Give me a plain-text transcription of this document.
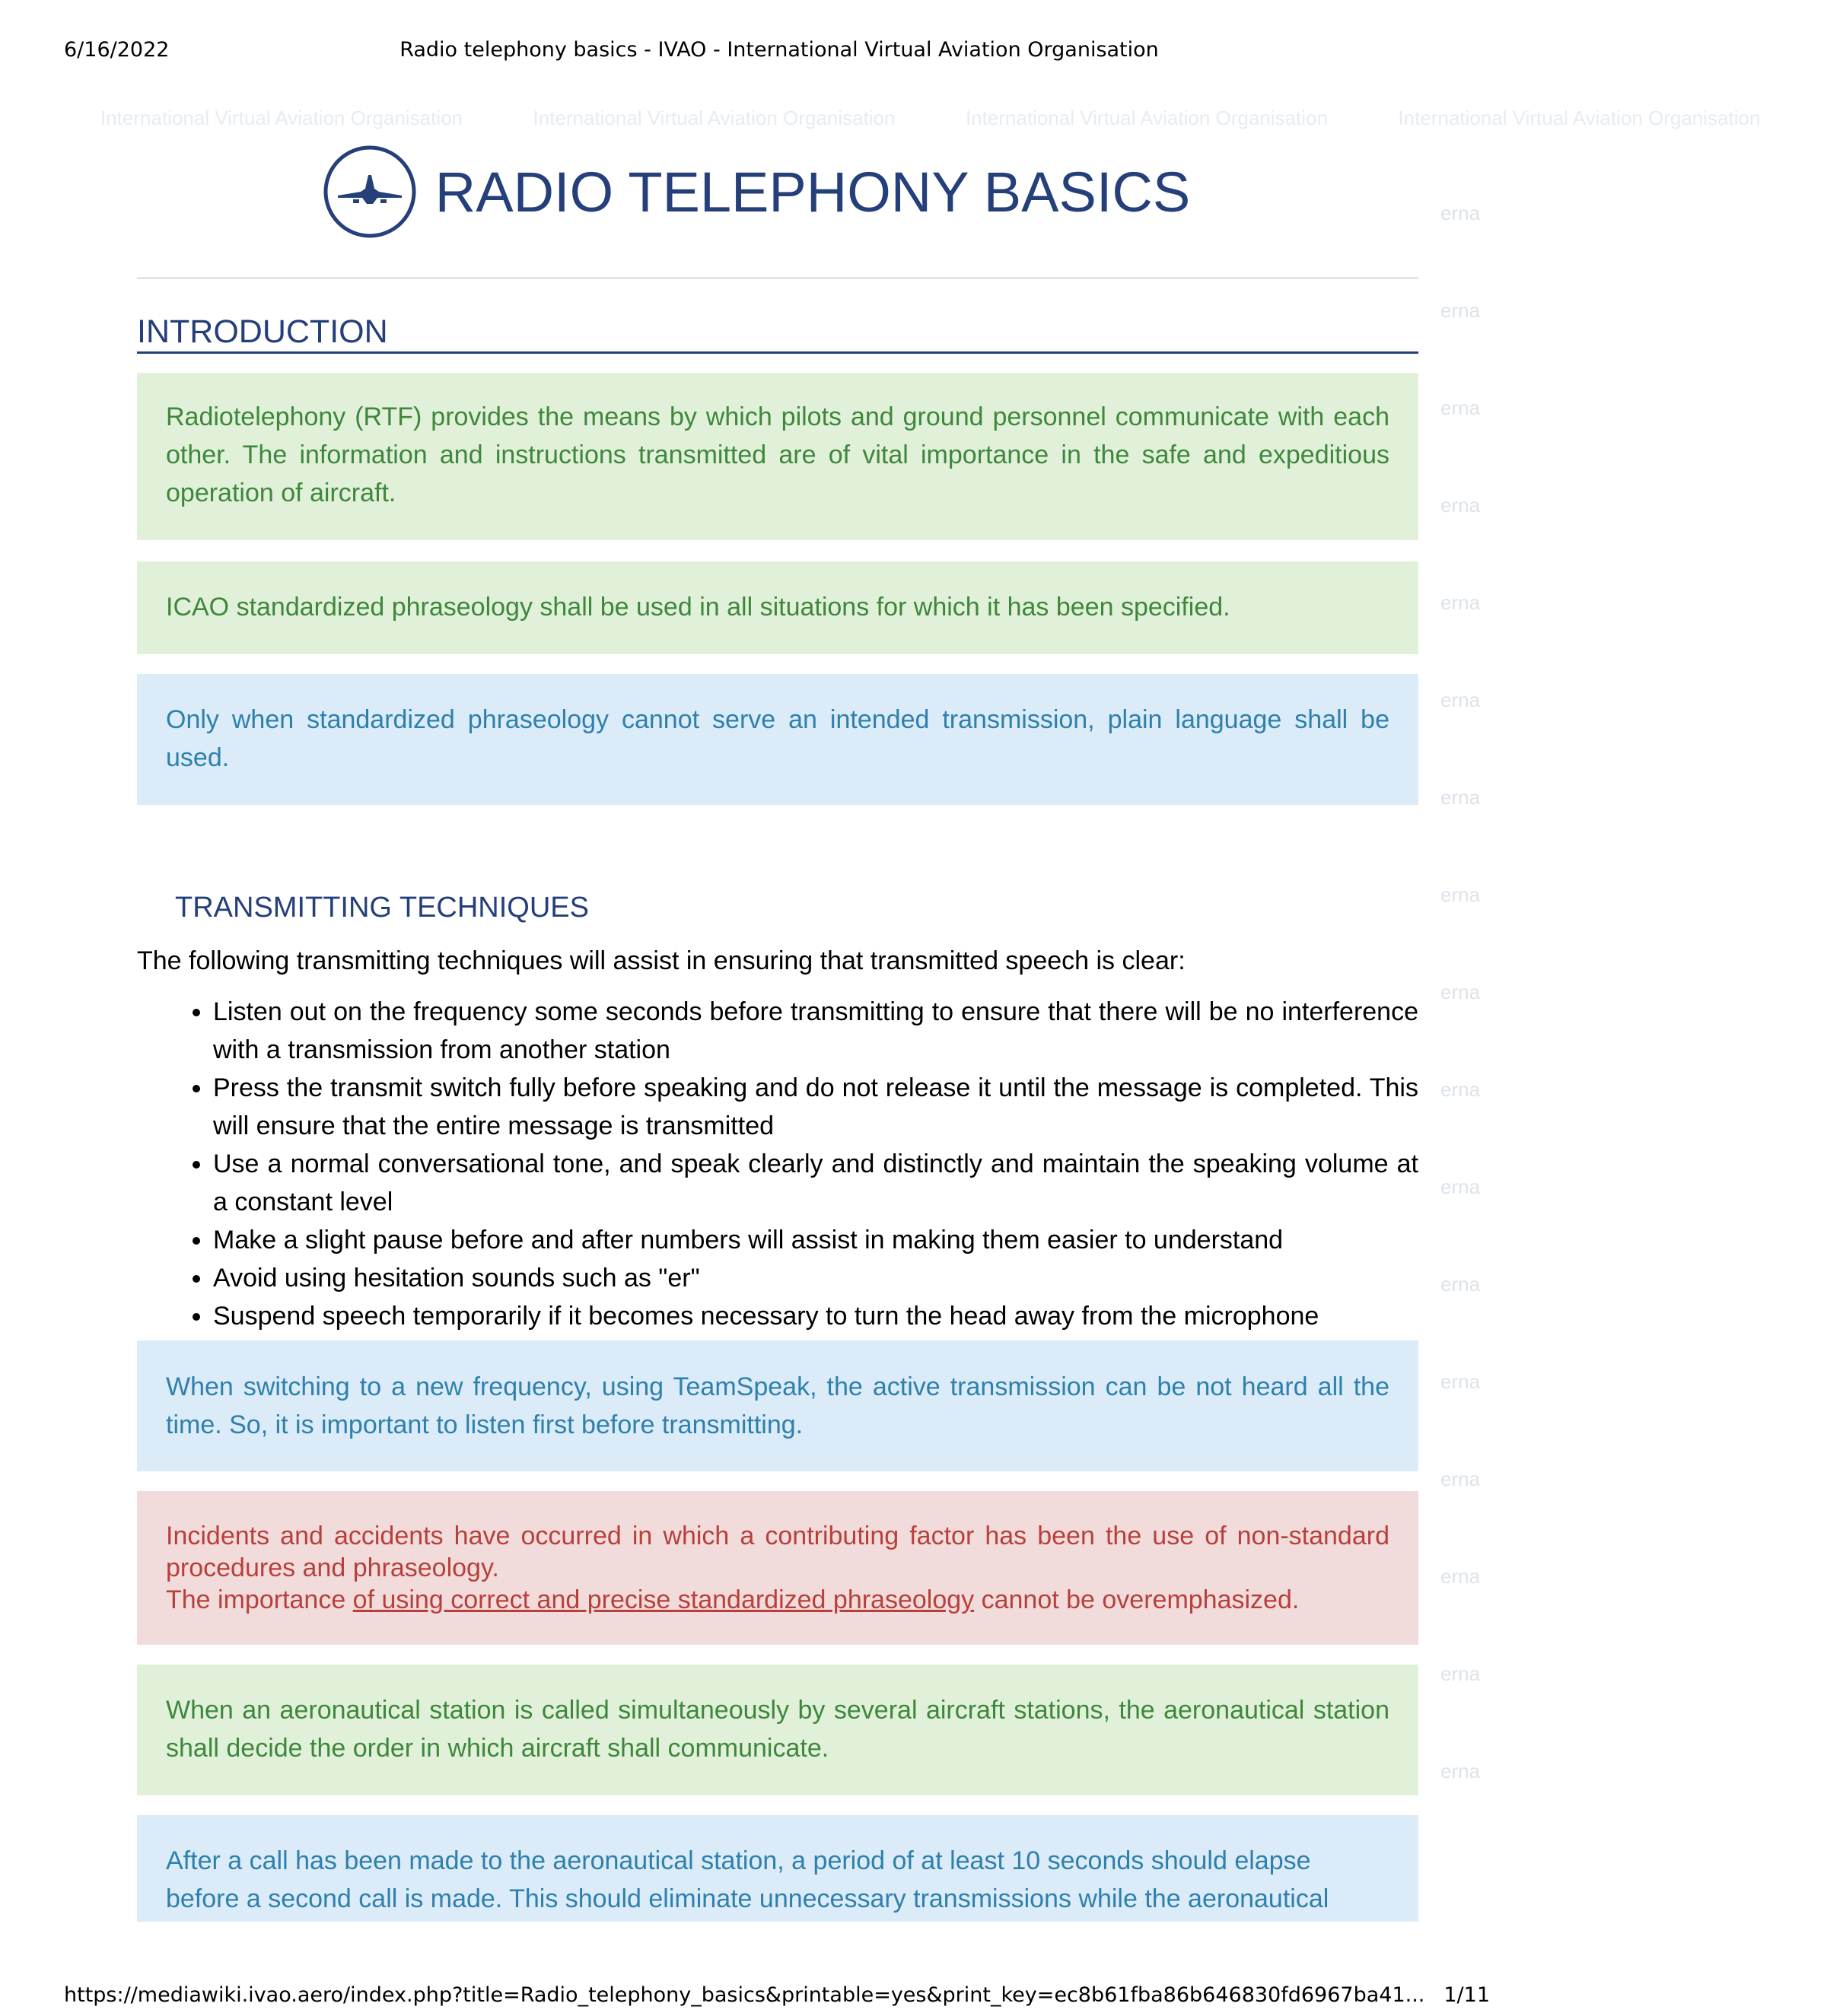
6/16/2022	Radio telephony basics - IVAO - International Virtual Aviation Organisation
International Virtual Aviation Organisation	International Virtual Aviation Organisation	International Virtual Aviation Organisation	International Virtual Aviation Organisation
erna
erna
erna
erna
erna
erna
erna
erna
erna
erna
erna
erna
erna
erna
erna
erna
erna
RADIO TELEPHONY BASICS
INTRODUCTION

Radiotelephony (RTF) provides the means by which pilots and ground personnel communicate with each other. The information and instructions transmitted are of vital importance in the safe and expeditious operation of aircraft.

ICAO standardized phraseology shall be used in all situations for which it has been specified.

Only when standardized phraseology cannot serve an intended transmission, plain language shall be used.

TRANSMITTING TECHNIQUES
The following transmitting techniques will assist in ensuring that transmitted speech is clear:
• Listen out on the frequency some seconds before transmitting to ensure that there will be no interference with a transmission from another station
• Press the transmit switch fully before speaking and do not release it until the message is completed. This will ensure that the entire message is transmitted
• Use a normal conversational tone, and speak clearly and distinctly and maintain the speaking volume at a constant level
• Make a slight pause before and after numbers will assist in making them easier to understand
• Avoid using hesitation sounds such as "er"
• Suspend speech temporarily if it becomes necessary to turn the head away from the microphone

When switching to a new frequency, using TeamSpeak, the active transmission can be not heard all the time. So, it is important to listen first before transmitting.

Incidents and accidents have occurred in which a contributing factor has been the use of non-standard procedures and phraseology.

The importance of using correct and precise standardized phraseology cannot be overemphasized.

When an aeronautical station is called simultaneously by several aircraft stations, the aeronautical station shall decide the order in which aircraft shall communicate.

After a call has been made to the aeronautical station, a period of at least 10 seconds should elapse before a second call is made. This should eliminate unnecessary transmissions while the aeronautical

https://mediawiki.ivao.aero/index.php?title=Radio_telephony_basics&printable=yes&print_key=ec8b61fba86b646830fd6967ba41... 1/11
